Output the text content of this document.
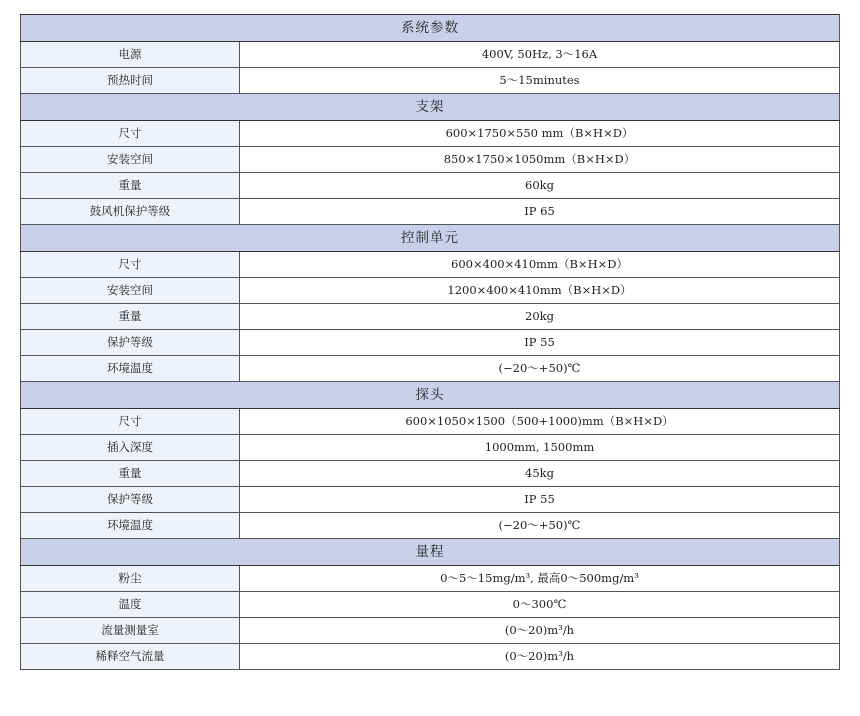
系统参数	
电源	400V, 50Hz, 3～16A
预热时间	5～15minutes
支架	
尺寸	600×1750×550 mm（B×H×D）
安装空间	850×1750×1050mm（B×H×D）
重量	60kg
鼓风机保护等级	IP 65
控制单元	
尺寸	600×400×410mm（B×H×D）
安装空间	1200×400×410mm（B×H×D）
重量	20kg
保护等级	IP 55
环境温度	(−20～+50)℃
探头	
尺寸	600×1050×1500（500+1000)mm（B×H×D）
插入深度	1000mm, 1500mm
重量	45kg
保护等级	IP 55
环境温度	(−20～+50)℃
量程	
粉尘	0～5～15mg/m³, 最高0～500mg/m³
温度	0～300℃
流量测量室	(0～20)m³/h
稀释空气流量	(0～20)m³/h
